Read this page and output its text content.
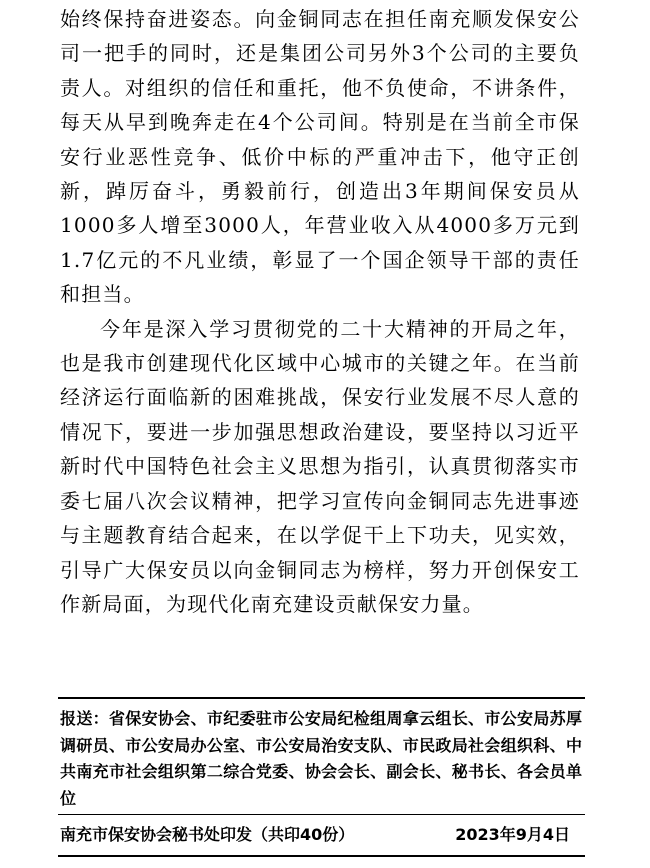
始终保持奋进姿态。向金铜同志在担任南充顺发保安公司一把手的同时，还是集团公司另外3个公司的主要负责人。对组织的信任和重托，他不负使命，不讲条件，每天从早到晚奔走在4个公司间。特别是在当前全市保安行业恶性竞争、低价中标的严重冲击下，他守正创新，踔厉奋斗，勇毅前行，创造出3年期间保安员从1000多人增至3000人，年营业收入从4000多万元到1.7亿元的不凡业绩，彰显了一个国企领导干部的责任和担当。

今年是深入学习贯彻党的二十大精神的开局之年，也是我市创建现代化区域中心城市的关键之年。在当前经济运行面临新的困难挑战，保安行业发展不尽人意的情况下，要进一步加强思想政治建设，要坚持以习近平新时代中国特色社会主义思想为指引，认真贯彻落实市委七届八次会议精神，把学习宣传向金铜同志先进事迹与主题教育结合起来，在以学促干上下功夫，见实效，引导广大保安员以向金铜同志为榜样，努力开创保安工作新局面，为现代化南充建设贡献保安力量。

报送：省保安协会、市纪委驻市公安局纪检组周拿云组长、市公安局苏厚调研员、市公安局办公室、市公安局治安支队、市民政局社会组织科、中共南充市社会组织第二综合党委、协会会长、副会长、秘书长、各会员单位
南充市保安协会秘书处印发（共印40份）	2023年9月4日
